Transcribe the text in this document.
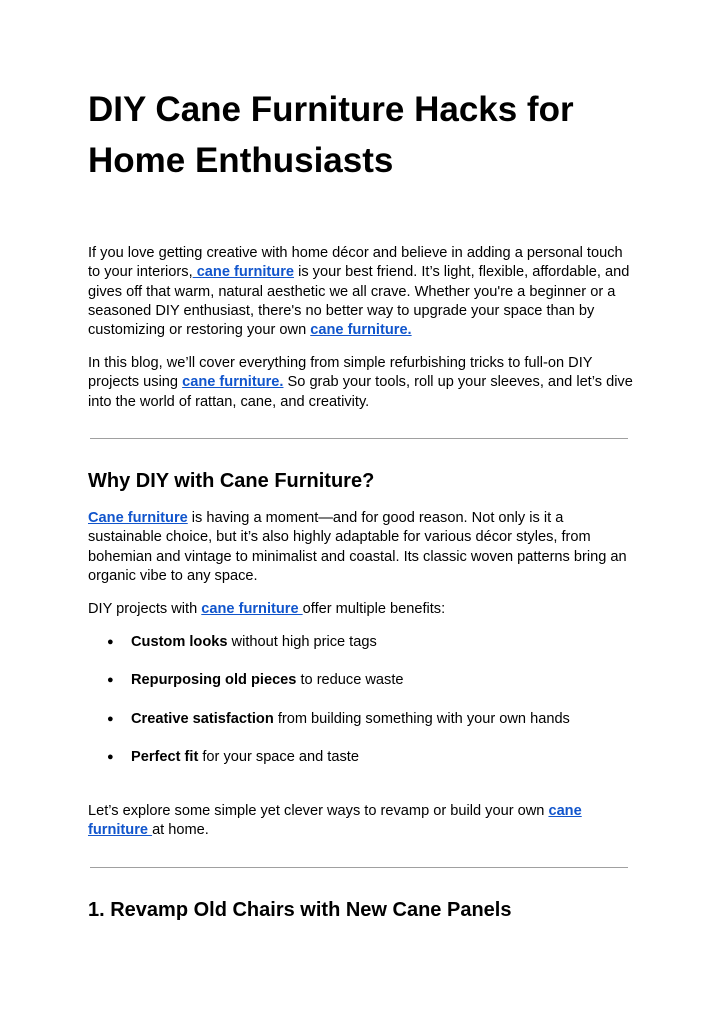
DIY Cane Furniture Hacks for Home Enthusiasts

If you love getting creative with home décor and believe in adding a personal touch to your interiors, cane furniture is your best friend. It’s light, flexible, affordable, and gives off that warm, natural aesthetic we all crave. Whether you're a beginner or a seasoned DIY enthusiast, there's no better way to upgrade your space than by customizing or restoring your own cane furniture.

In this blog, we’ll cover everything from simple refurbishing tricks to full-on DIY projects using cane furniture. So grab your tools, roll up your sleeves, and let’s dive into the world of rattan, cane, and creativity.

Why DIY with Cane Furniture?

Cane furniture is having a moment—and for good reason. Not only is it a sustainable choice, but it’s also highly adaptable for various décor styles, from bohemian and vintage to minimalist and coastal. Its classic woven patterns bring an organic vibe to any space.

DIY projects with cane furniture offer multiple benefits:

● Custom looks without high price tags
● Repurposing old pieces to reduce waste
● Creative satisfaction from building something with your own hands
● Perfect fit for your space and taste

Let’s explore some simple yet clever ways to revamp or build your own cane furniture at home.

1. Revamp Old Chairs with New Cane Panels
